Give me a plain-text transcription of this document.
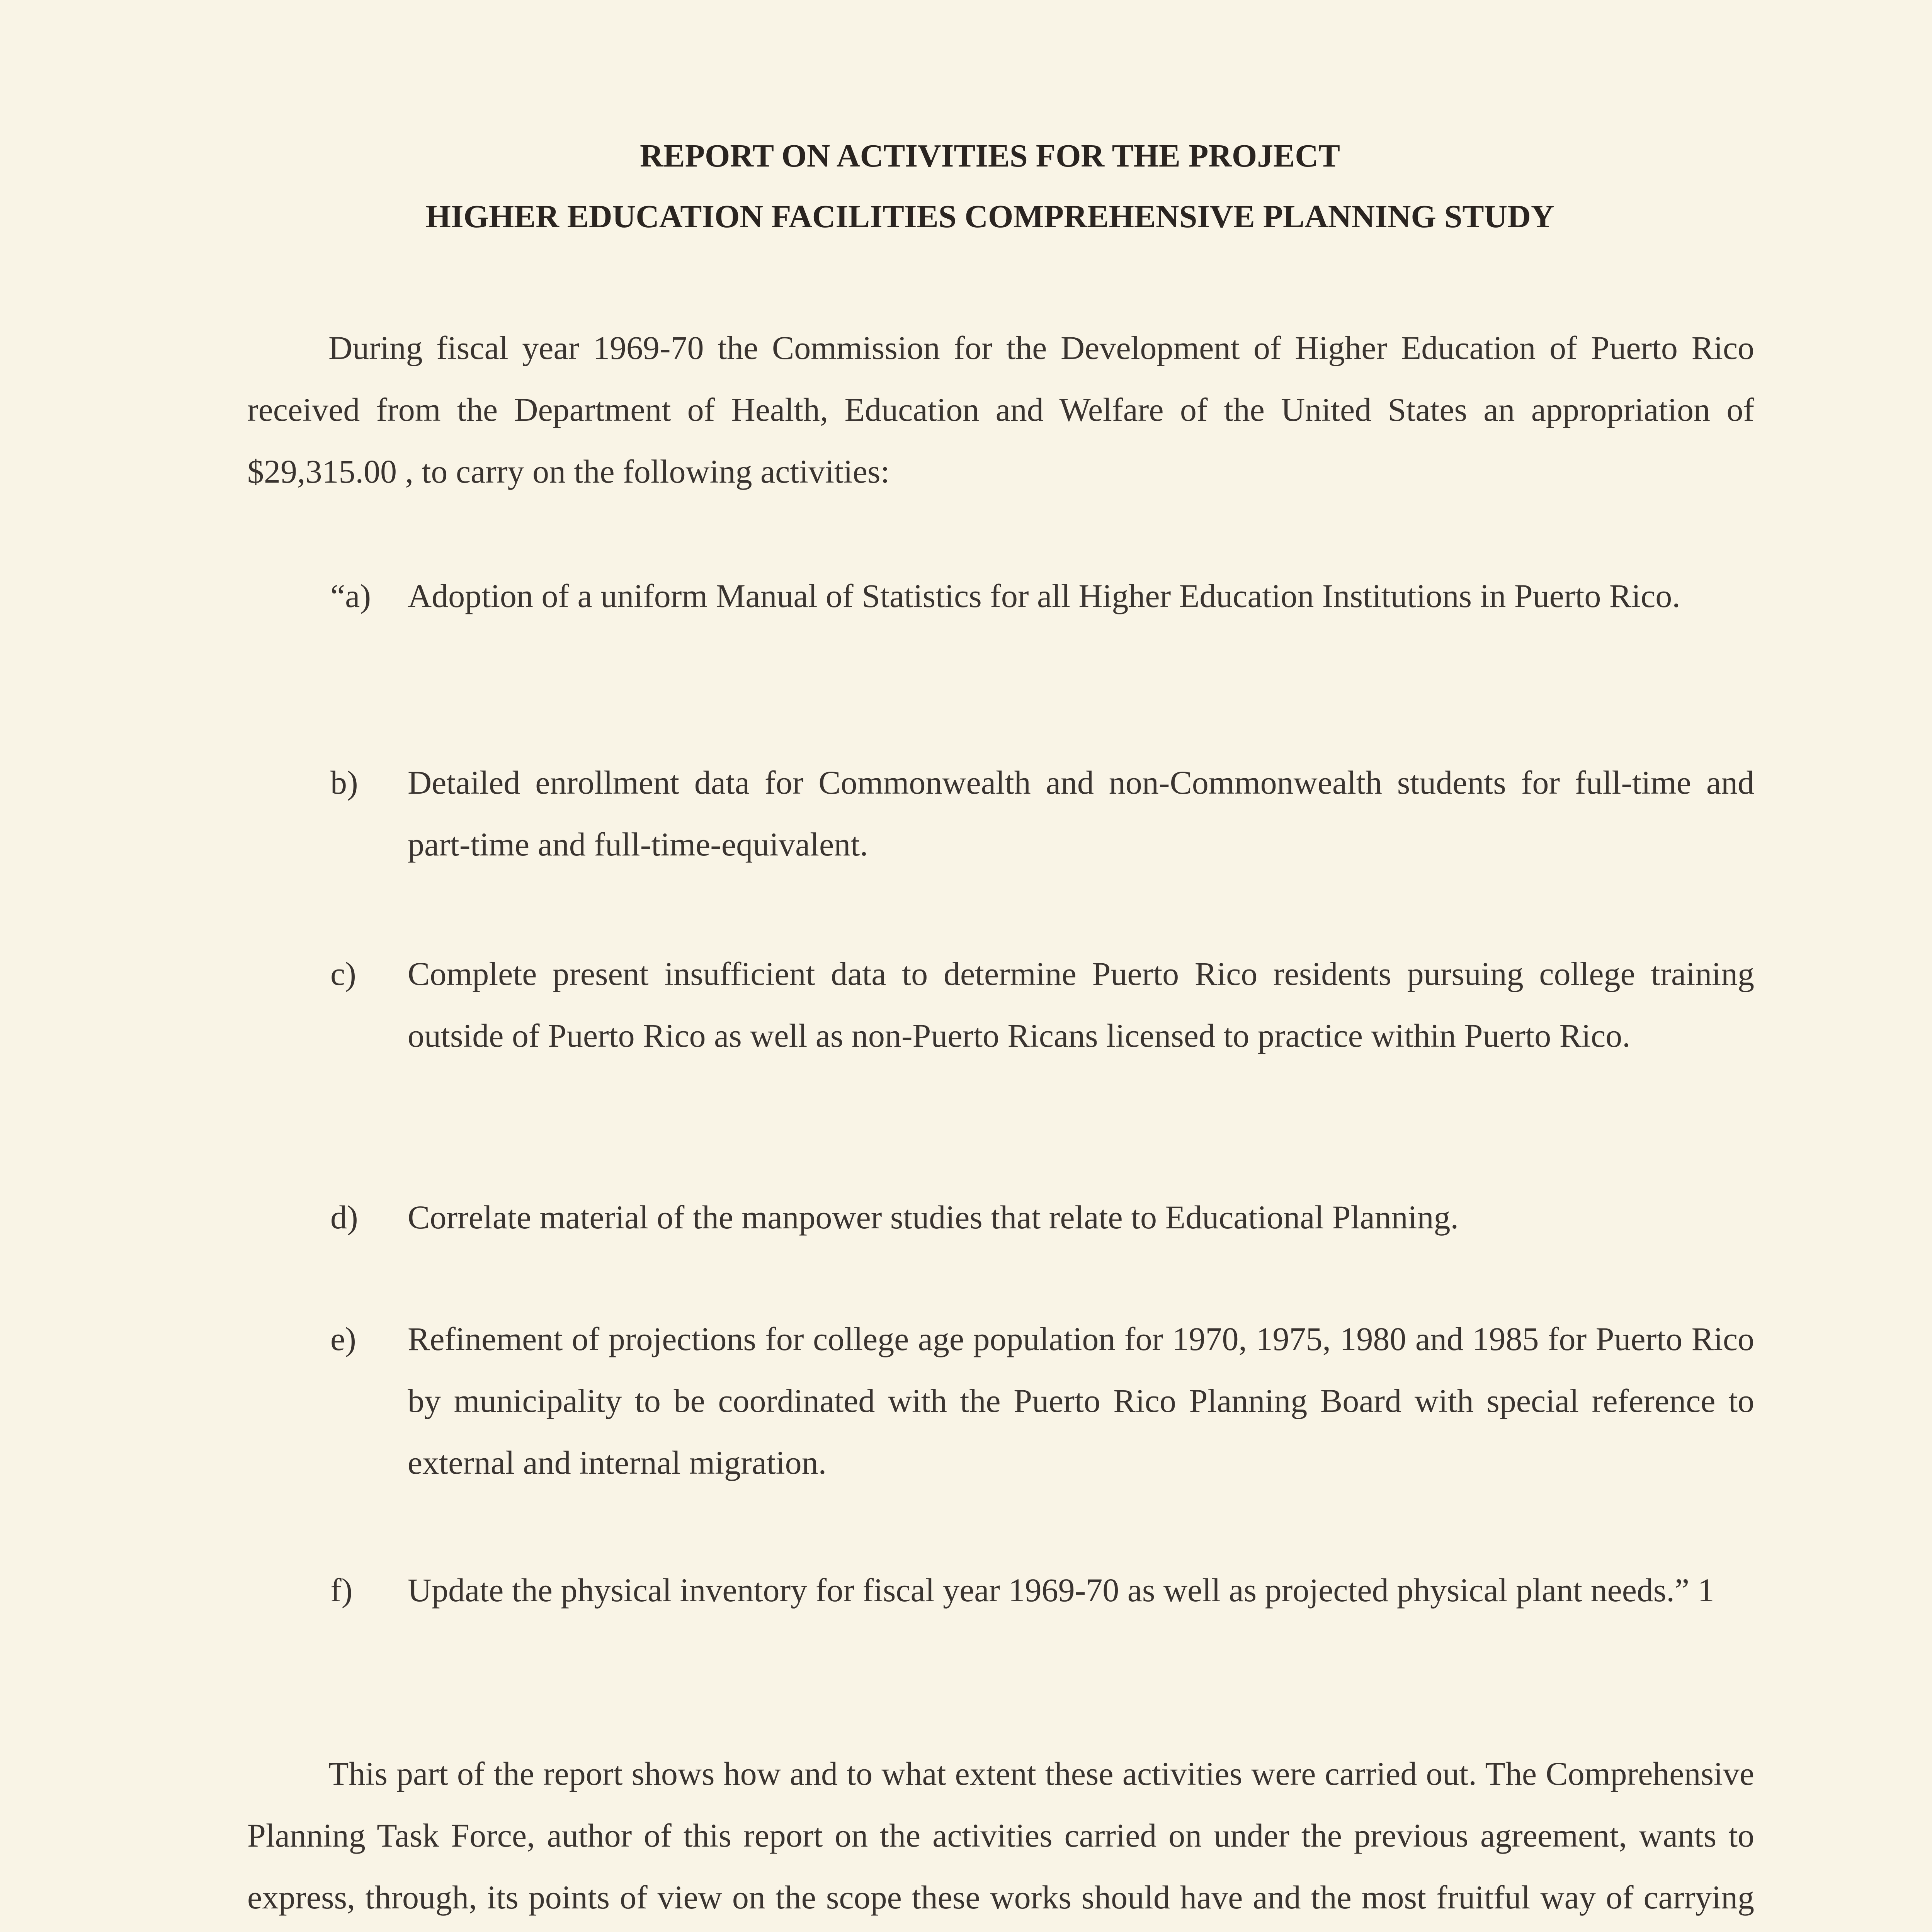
REPORT ON ACTIVITIES FOR THE PROJECT
HIGHER EDUCATION FACILITIES COMPREHENSIVE PLANNING STUDY

During fiscal year 1969-70 the Commission for the Development of Higher Education of Puerto Rico received from the Department of Health, Education and Welfare of the United States an appropriation of $29,315.00 , to carry on the following activities:

“a) Adoption of a uniform Manual of Statistics for all Higher Education Institutions in Puerto Rico.

b) Detailed enrollment data for Commonwealth and non-Commonwealth students for full-time and part-time and full-time-equivalent.

c) Complete present insufficient data to determine Puerto Rico residents pursuing college training outside of Puerto Rico as well as non-Puerto Ricans licensed to practice within Puerto Rico.

d) Correlate material of the manpower studies that relate to Educational Planning.

e) Refinement of projections for college age population for 1970, 1975, 1980 and 1985 for Puerto Rico by municipality to be coordinated with the Puerto Rico Planning Board with special reference to external and internal migration.

f) Update the physical inventory for fiscal year 1969-70 as well as projected physical plant needs.” 1

This part of the report shows how and to what extent these activities were carried out. The Comprehensive Planning Task Force, author of this report on the activities carried on under the previous agreement, wants to express, through, its points of view on the scope these works should have and the most fruitful way of carrying
